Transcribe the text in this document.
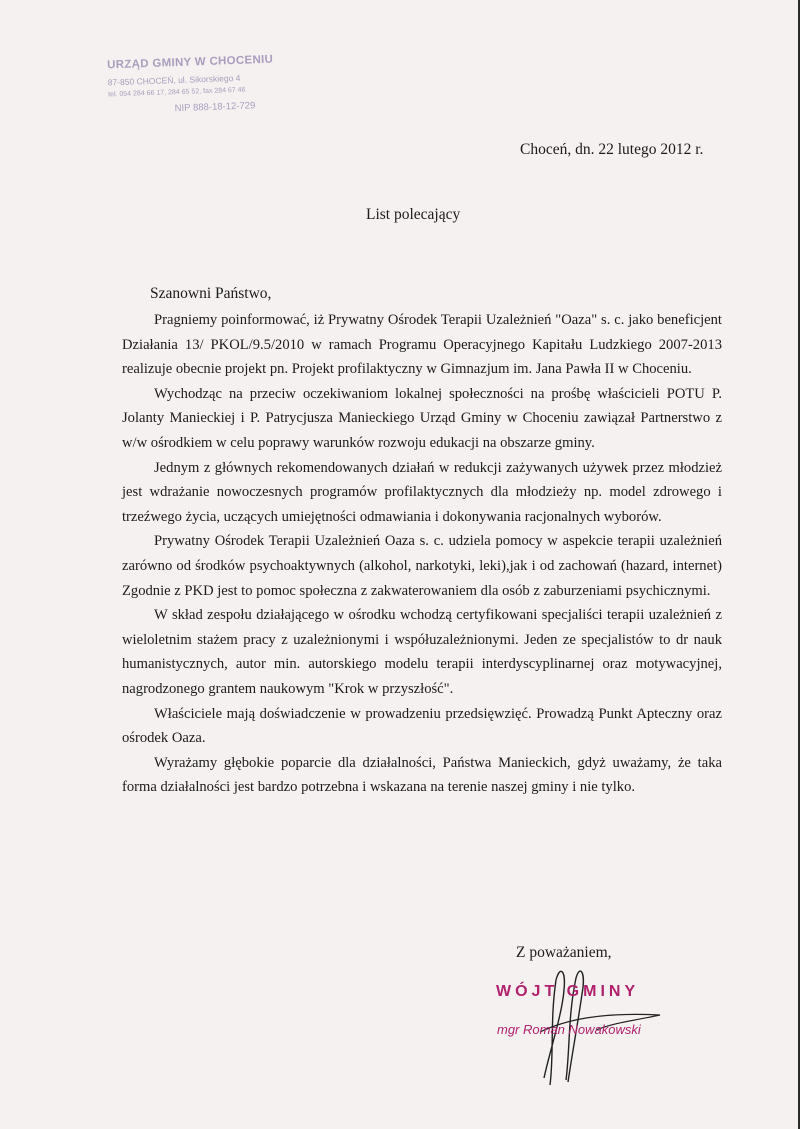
URZĄD GMINY W CHOCENIU
87-850 CHOCEŃ, ul. Sikorskiego 4
tel. 054 284 66 17, 284 65 52, fax 284 67 46
NIP 888-18-12-729
Choceń, dn. 22 lutego 2012 r.
List polecający
Szanowni Państwo,

Pragniemy poinformować, iż Prywatny Ośrodek Terapii Uzależnień "Oaza" s. c. jako beneficjent Działania 13/ PKOL/9.5/2010 w ramach Programu Operacyjnego Kapitału Ludzkiego 2007-2013 realizuje obecnie projekt pn. Projekt profilaktyczny w Gimnazjum im. Jana Pawła II w Choceniu.

Wychodząc na przeciw oczekiwaniom lokalnej społeczności na prośbę właścicieli POTU P. Jolanty Manieckiej i P. Patrycjusza Manieckiego Urząd Gminy w Choceniu zawiązał Partnerstwo z w/w ośrodkiem w celu poprawy warunków rozwoju edukacji na obszarze gminy.

Jednym z głównych rekomendowanych działań w redukcji zażywanych używek przez młodzież jest wdrażanie nowoczesnych programów profilaktycznych dla młodzieży np. model zdrowego i trzeźwego życia, uczących umiejętności odmawiania i dokonywania racjonalnych wyborów.

Prywatny Ośrodek Terapii Uzależnień Oaza s. c. udziela pomocy w aspekcie terapii uzależnień zarówno od środków psychoaktywnych (alkohol, narkotyki, leki),jak i od zachowań (hazard, internet) Zgodnie z PKD jest to pomoc społeczna z zakwaterowaniem dla osób z zaburzeniami psychicznymi.

W skład zespołu działającego w ośrodku wchodzą certyfikowani specjaliści terapii uzależnień z wieloletnim stażem pracy z uzależnionymi i współuzależnionymi. Jeden ze specjalistów to dr nauk humanistycznych, autor min. autorskiego modelu terapii interdyscyplinarnej oraz motywacyjnej, nagrodzonego grantem naukowym "Krok w przyszłość".

Właściciele mają doświadczenie w prowadzeniu przedsięwzięć. Prowadzą Punkt Apteczny oraz ośrodek Oaza.

Wyrażamy głębokie poparcie dla działalności, Państwa Manieckich, gdyż uważamy, że taka forma działalności jest bardzo potrzebna i wskazana na terenie naszej gminy i nie tylko.

Z poważaniem,
WÓJT GMINY
mgr Roman Nowakowski
